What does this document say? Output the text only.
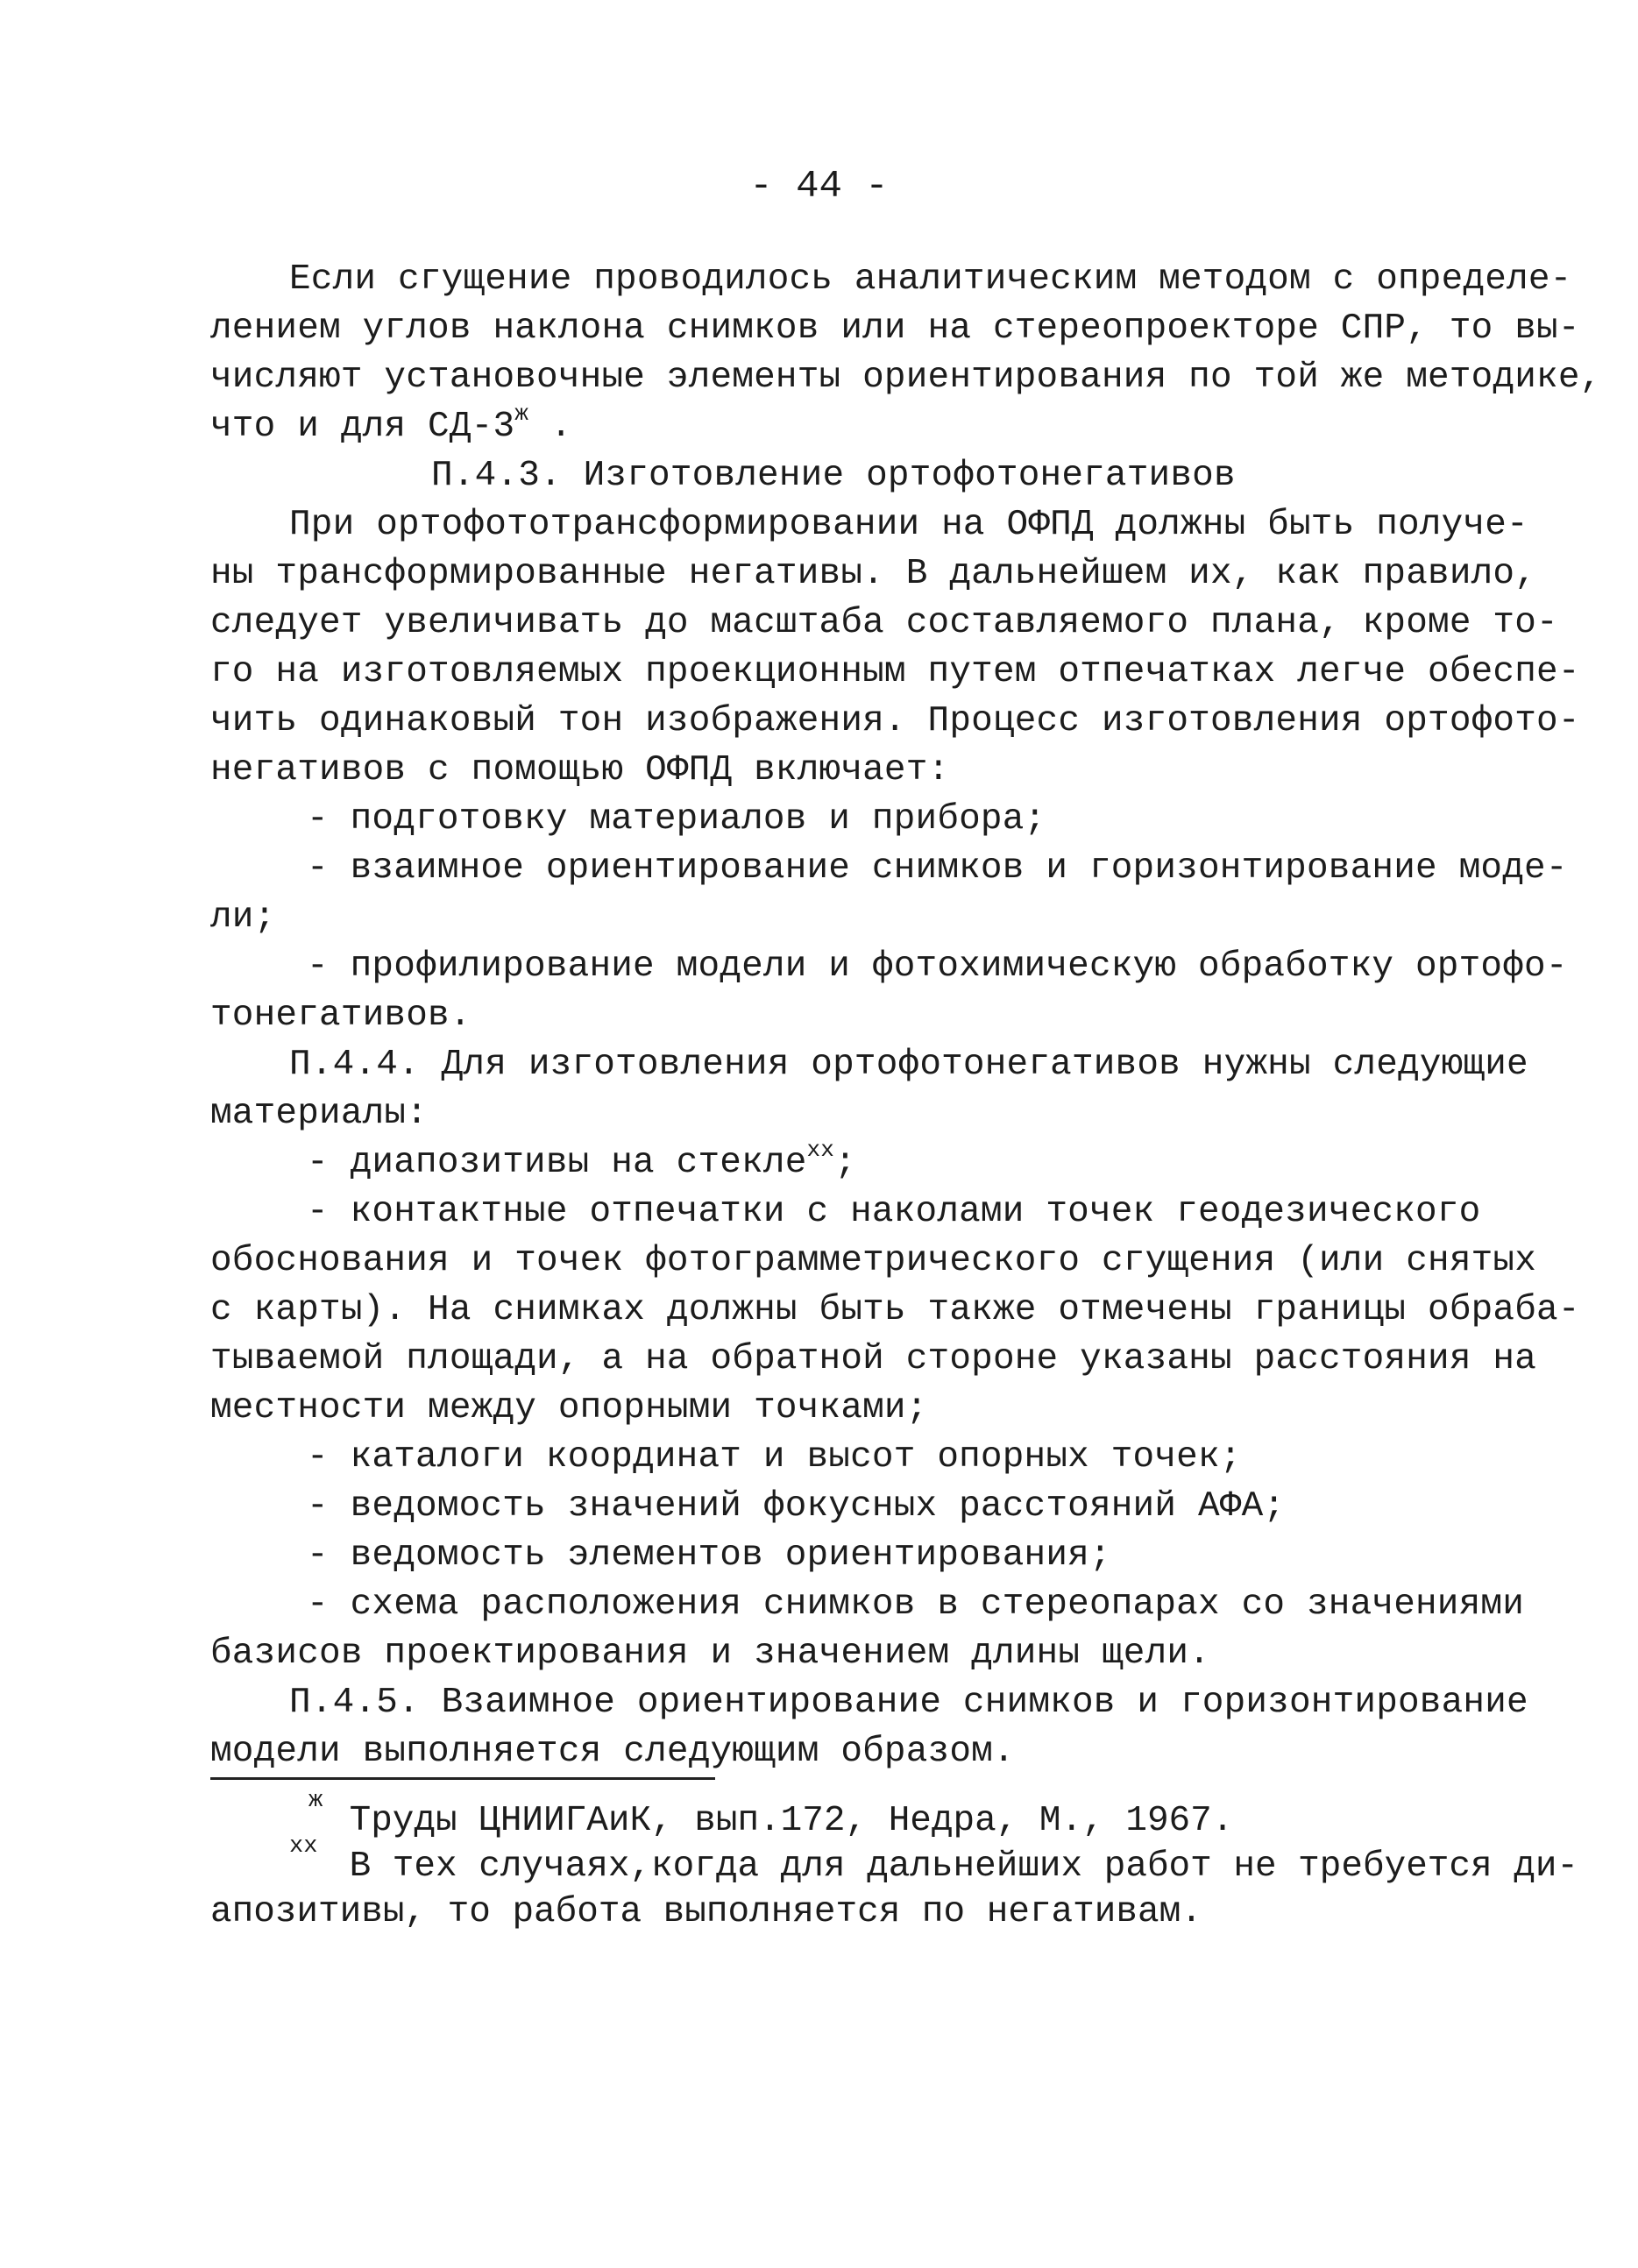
- 44 -
Если сгущение проводилось аналитическим методом с определе-
лением углов наклона снимков или на стереопроекторе СПР, то вы-
числяют установочные элементы ориентирования по той же методике,
что и для $СД-3^ж$ .
П.4.3. Изготовление ортофотонегативов
При ортофототрансформировании на ОФПД должны быть получе-
ны трансформированные негативы. В дальнейшем их, как правило,
следует увеличивать до масштаба составляемого плана, кроме то-
го на изготовляемых проекционным путем отпечатках легче обеспе-
чить одинаковый тон изображения. Процесс изготовления ортофото-
негативов с помощью ОФПД включает:
- подготовку материалов и прибора;
- взаимное ориентирование снимков и горизонтирование моде-
ли;
- профилирование модели и фотохимическую обработку ортофо-
тонегативов.
П.4.4. Для изготовления ортофотонегативов нужны следующие
материалы:
- диапозитивы на стекле$^{хх}$;
- контактные отпечатки с наколами точек геодезического
обоснования и точек фотограмметрического сгущения (или снятых
с карты). На снимках должны быть также отмечены границы обраба-
тываемой площади, а на обратной стороне указаны расстояния на
местности между опорными точками;
- каталоги координат и высот опорных точек;
- ведомость значений фокусных расстояний АФА;
- ведомость элементов ориентирования;
- схема расположения снимков в стереопарах со значениями
базисов проектирования и значением длины щели.
П.4.5. Взаимное ориентирование снимков и горизонтирование
модели выполняется следующим образом.
ж Труды ЦНИИГАиК, вып.172, Недра, М., 1967.
хх В тех случаях,когда для дальнейших работ не требуется ди-
апозитивы, то работа выполняется по негативам.
